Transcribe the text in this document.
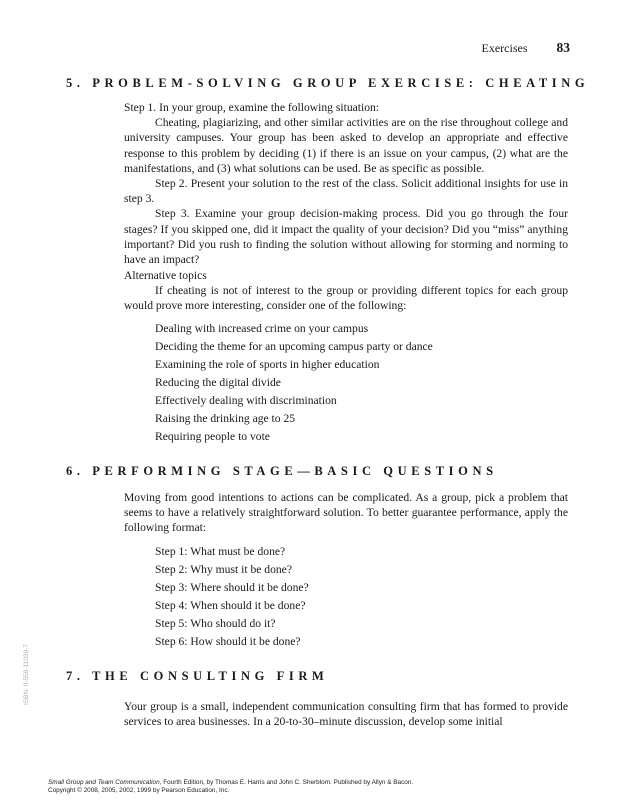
Exercises 83
5. PROBLEM-SOLVING GROUP EXERCISE: CHEATING

Step 1. In your group, examine the following situation:

Cheating, plagiarizing, and other similar activities are on the rise throughout college and university campuses. Your group has been asked to develop an appropriate and effective response to this problem by deciding (1) if there is an issue on your campus, (2) what are the manifestations, and (3) what solutions can be used. Be as specific as possible.

Step 2. Present your solution to the rest of the class. Solicit additional insights for use in step 3.

Step 3. Examine your group decision-making process. Did you go through the four stages? If you skipped one, did it impact the quality of your decision? Did you “miss” anything important? Did you rush to finding the solution without allowing for storming and norming to have an impact?

Alternative topics

If cheating is not of interest to the group or providing different topics for each group would prove more interesting, consider one of the following:

Dealing with increased crime on your campus
Deciding the theme for an upcoming campus party or dance
Examining the role of sports in higher education
Reducing the digital divide
Effectively dealing with discrimination
Raising the drinking age to 25
Requiring people to vote
6. PERFORMING STAGE—BASIC QUESTIONS

Moving from good intentions to actions can be complicated. As a group, pick a problem that seems to have a relatively straightforward solution. To better guarantee performance, apply the following format:

Step 1: What must be done?
Step 2: Why must it be done?
Step 3: Where should it be done?
Step 4: When should it be done?
Step 5: Who should do it?
Step 6: How should it be done?
7. THE CONSULTING FIRM

Your group is a small, independent communication consulting firm that has formed to provide services to area businesses. In a 20-to-30–minute discussion, develop some initial

ISBN: 0-558-11039-7
Small Group and Team Communication, Fourth Edition, by Thomas E. Harris and John C. Sherblom. Published by Allyn & Bacon.
Copyright © 2008, 2005, 2002, 1999 by Pearson Education, Inc.
